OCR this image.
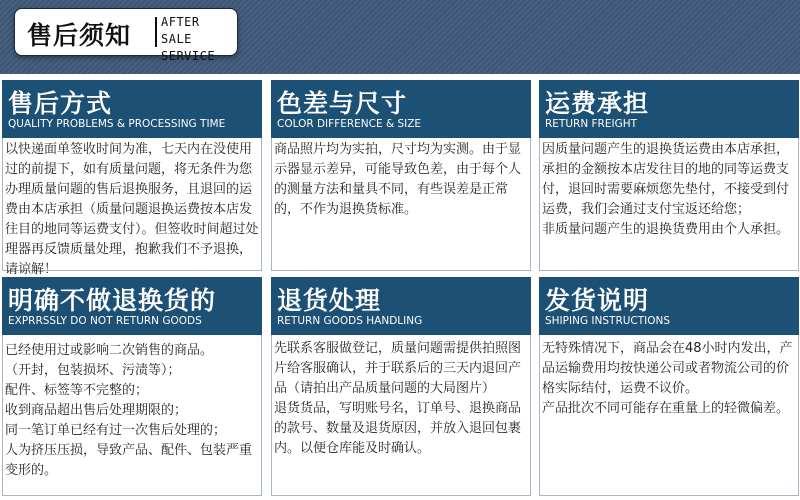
售后须知 AFTER SALE
SERVICE
售后方式
QUALITY PROBLEMS & PROCESSING TIME
以快递面单签收时间为准，七天内在没使用过的前提下，如有质量问题，将无条件为您办理质量问题的售后退换服务，且退回的运费由本店承担（质量问题退换运费按本店发往目的地同等运费支付）。但签收时间超过处理器再反馈质量处理，抱歉我们不予退换，请谅解！
色差与尺寸
COLOR DIFFERENCE & SIZE
商品照片均为实拍，尺寸均为实测。由于显示器显示差异，可能导致色差，由于每个人的测量方法和量具不同，有些误差是正常的，不作为退换货标准。
运费承担
RETURN FREIGHT
因质量问题产生的退换货运费由本店承担，承担的金额按本店发往目的地的同等运费支付，退回时需要麻烦您先垫付，不接受到付运费，我们会通过支付宝返还给您；
非质量问题产生的退换货费用由个人承担。
明确不做退换货的
EXPRRSSLY DO NOT RETURN GOODS
已经使用过或影响二次销售的商品。
（开封，包装损坏、污渍等）；
配件、标签等不完整的；
收到商品超出售后处理期限的；
同一笔订单已经有过一次售后处理的；
人为挤压压损，导致产品、配件、包装严重变形的。
退货处理
RETURN GOODS HANDLING
先联系客服做登记，质量问题需提供拍照图片给客服确认，并于联系后的三天内退回产品（请拍出产品质量问题的大局图片）
退货货品，写明账号名，订单号、退换商品的款号、数量及退货原因，并放入退回包裹内。以便仓库能及时确认。
发货说明
SHIPING INSTRUCTIONS
无特殊情况下，商品会在48小时内发出，产品运输费用均按快递公司或者物流公司的价格实际结付，运费不议价。
产品批次不同可能存在重量上的轻微偏差。
